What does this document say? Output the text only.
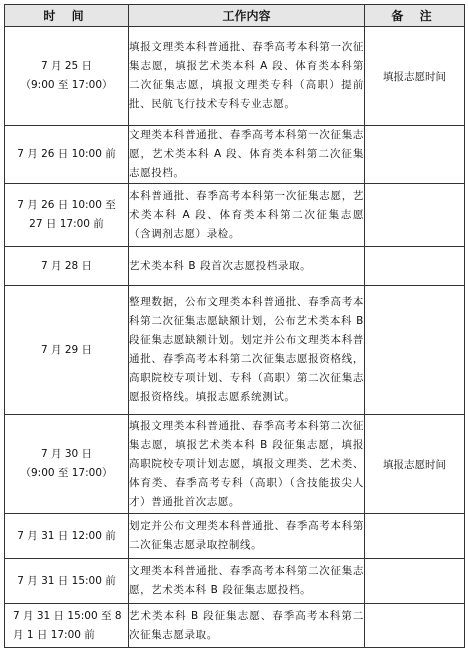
时 间	工作内容	备 注

7 月 25 日
（9:00 至 17:00）	填报文理类本科普通批、春季高考本科第一次征集志愿，填报艺术类本科 A 段、体育类本科第二次征集志愿，填报文理类专科（高职）提前批、民航飞行技术专科专业志愿。	填报志愿时间

7 月 26 日 10:00 前	文理类本科普通批、春季高考本科第一次征集志愿，艺术类本科 A 段、体育类本科第二次征集志愿投档。	

7 月 26 日 10:00 至
27 日 17:00 前	本科普通批、春季高考本科第一次征集志愿，艺术类本科 A 段、体育类本科第二次征集志愿（含调剂志愿）录检。	

7 月 28 日	艺术类本科 B 段首次志愿投档录取。	

7 月 29 日	整理数据，公布文理类本科普通批、春季高考本科第二次征集志愿缺额计划，公布艺术类本科 B 段征集志愿缺额计划。划定并公布文理类本科普通批、春季高考本科第二次征集志愿报资格线，高职院校专项计划、专科（高职）第二次征集志愿报资格线。填报志愿系统测试。	

7 月 30 日
（9:00 至 17:00）	填报文理类本科普通批、春季高考本科第二次征集志愿，填报艺术类本科 B 段征集志愿，填报高职院校专项计划志愿，填报文理类、艺术类、体育类、春季高考专科（高职）（含技能拔尖人才）普通批首次志愿。	填报志愿时间

7 月 31 日 12:00 前	划定并公布文理类本科普通批、春季高考本科第二次征集志愿录取控制线。	

7 月 31 日 15:00 前	文理类本科普通批、春季高考本科第二次征集志愿，艺术类本科 B 段征集志愿投档。	

7 月 31 日 15:00 至 8
月 1 日 17:00 前	艺术类本科 B 段征集志愿、春季高考本科第二次征集志愿录取。	
